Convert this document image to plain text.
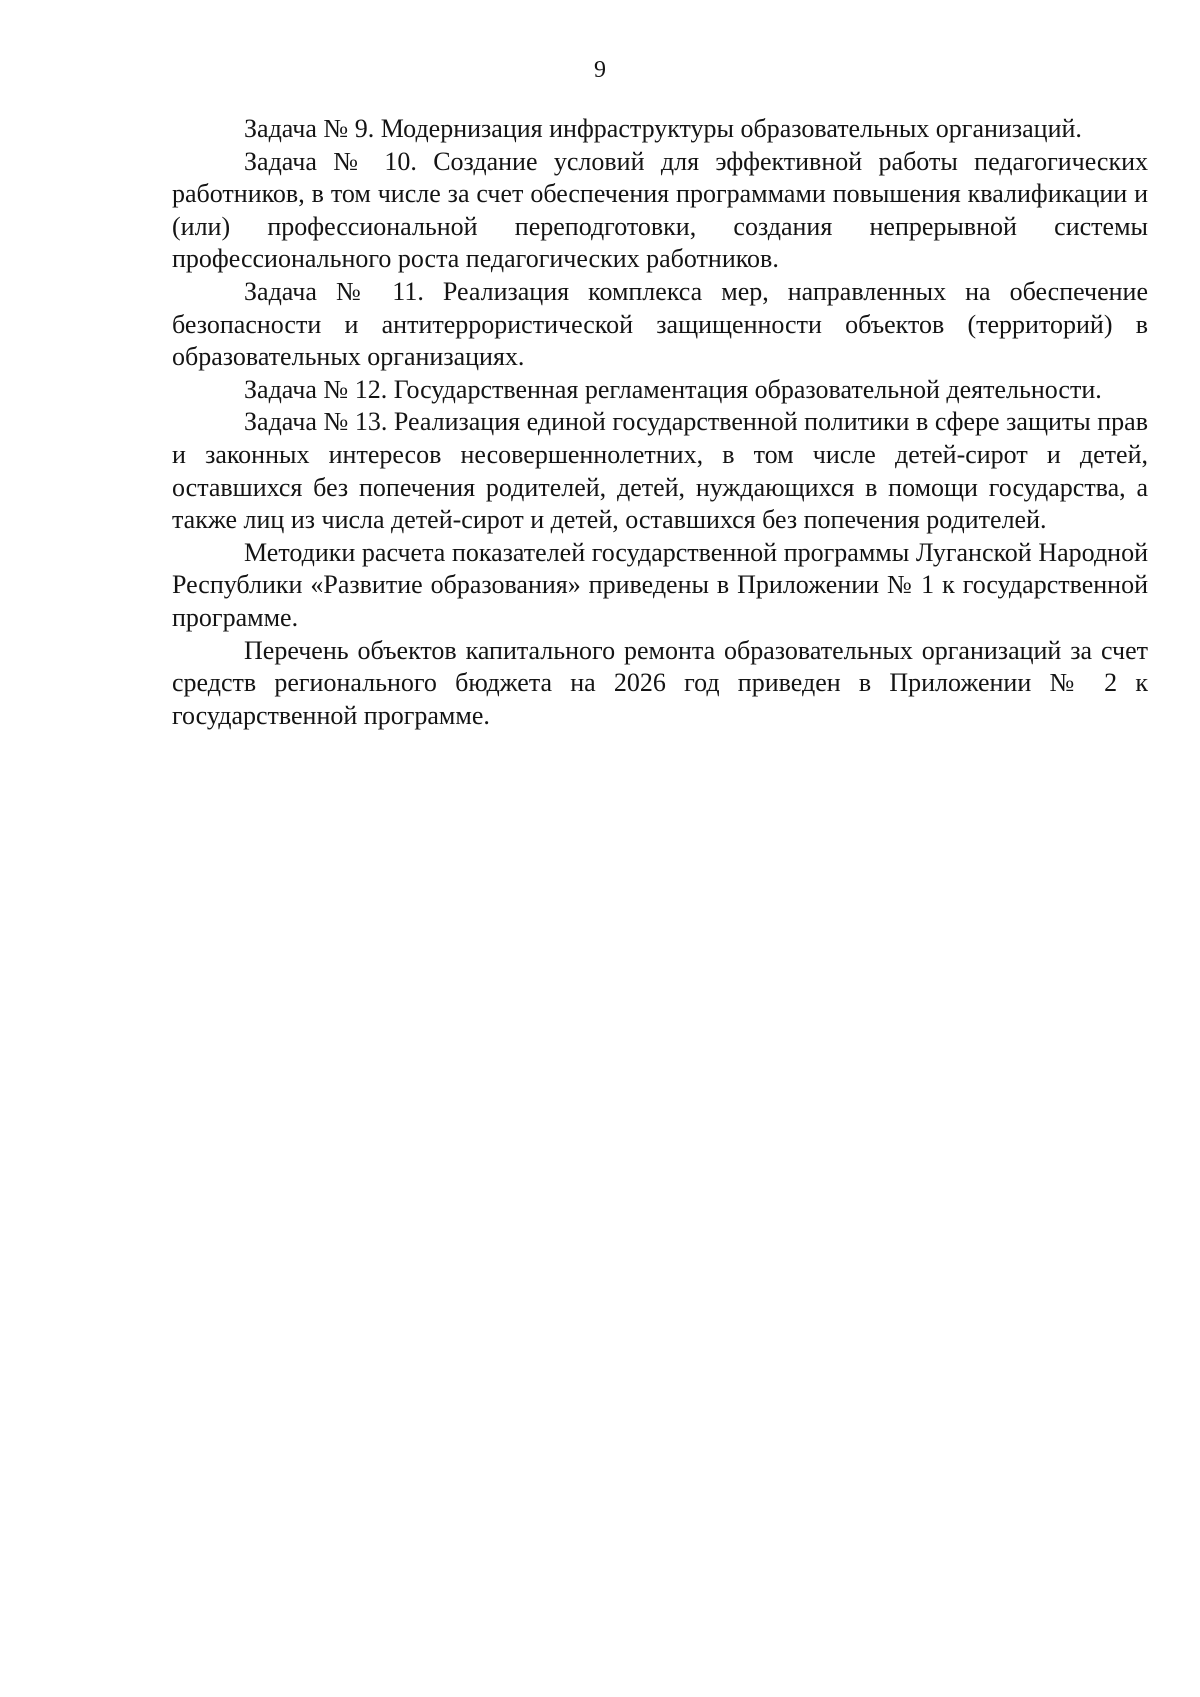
9

Задача № 9. Модернизация инфраструктуры образовательных организаций.

Задача № 10. Создание условий для эффективной работы педагогических работников, в том числе за счет обеспечения программами повышения квалификации и (или) профессиональной переподготовки, создания непрерывной системы профессионального роста педагогических работников.

Задача № 11. Реализация комплекса мер, направленных на обеспечение безопасности и антитеррористической защищенности объектов (территорий) в образовательных организациях.

Задача № 12. Государственная регламентация образовательной деятельности.

Задача № 13. Реализация единой государственной политики в сфере защиты прав и законных интересов несовершеннолетних, в том числе детей-сирот и детей, оставшихся без попечения родителей, детей, нуждающихся в помощи государства, а также лиц из числа детей-сирот и детей, оставшихся без попечения родителей.

Методики расчета показателей государственной программы Луганской Народной Республики «Развитие образования» приведены в Приложении № 1 к государственной программе.

Перечень объектов капитального ремонта образовательных организаций за счет средств регионального бюджета на 2026 год приведен в Приложении № 2 к государственной программе.
